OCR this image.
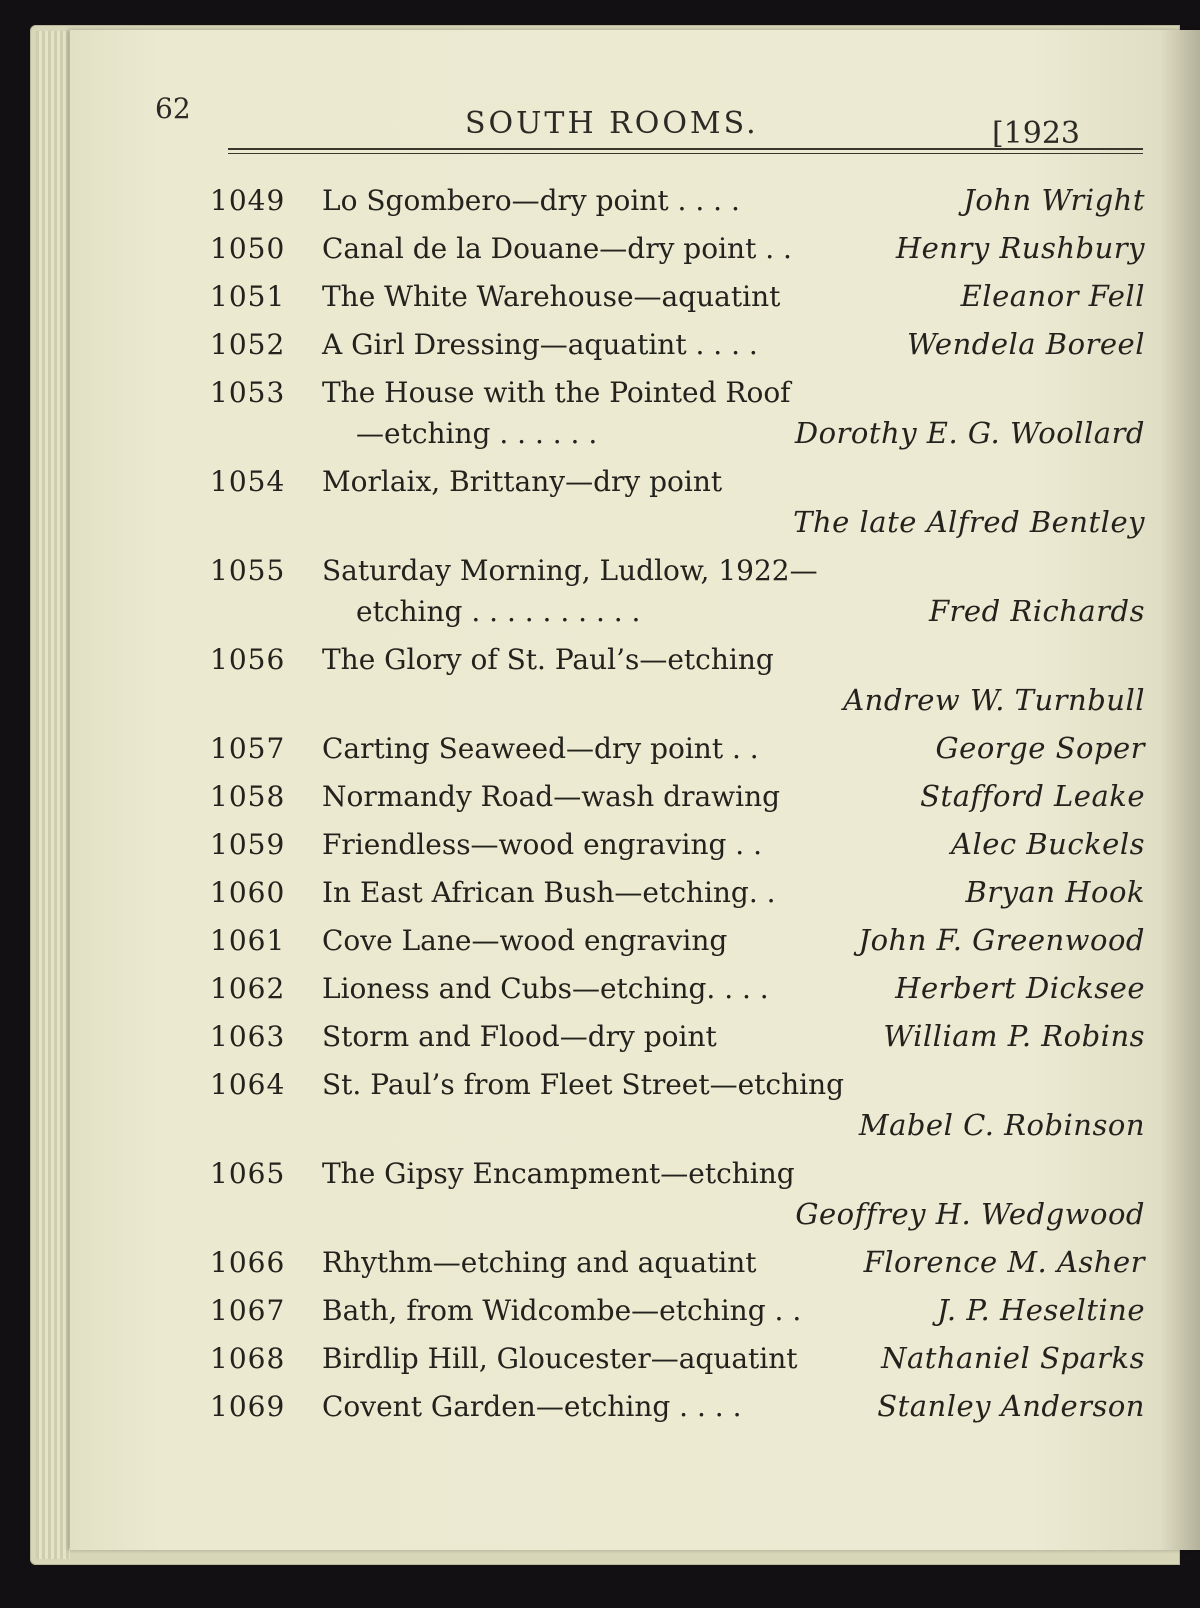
62	SOUTH ROOMS.	[1923
1049	Lo Sgombero—dry point . . . .	John Wright
1050	Canal de la Douane—dry point . .	Henry Rushbury
1051	The White Warehouse—aquatint	Eleanor Fell
1052	A Girl Dressing—aquatint . . . .	Wendela Boreel
1053	The House with the Pointed Roof
—etching . . . . . .	Dorothy E. G. Woollard
1054	Morlaix, Brittany—dry point
The late Alfred Bentley
1055	Saturday Morning, Ludlow, 1922—
etching . . . . . . . . . .	Fred Richards
1056	The Glory of St. Paul’s—etching
Andrew W. Turnbull
1057	Carting Seaweed—dry point . .	George Soper
1058	Normandy Road—wash drawing	Stafford Leake
1059	Friendless—wood engraving . .	Alec Buckels
1060	In East African Bush—etching. .	Bryan Hook
1061	Cove Lane—wood engraving	John F. Greenwood
1062	Lioness and Cubs—etching. . . .	Herbert Dicksee
1063	Storm and Flood—dry point	William P. Robins
1064	St. Paul’s from Fleet Street—etching
Mabel C. Robinson
1065	The Gipsy Encampment—etching
Geoffrey H. Wedgwood
1066	Rhythm—etching and aquatint	Florence M. Asher
1067	Bath, from Widcombe—etching . .	J. P. Heseltine
1068	Birdlip Hill, Gloucester—aquatint	Nathaniel Sparks
1069	Covent Garden—etching . . . .	Stanley Anderson
